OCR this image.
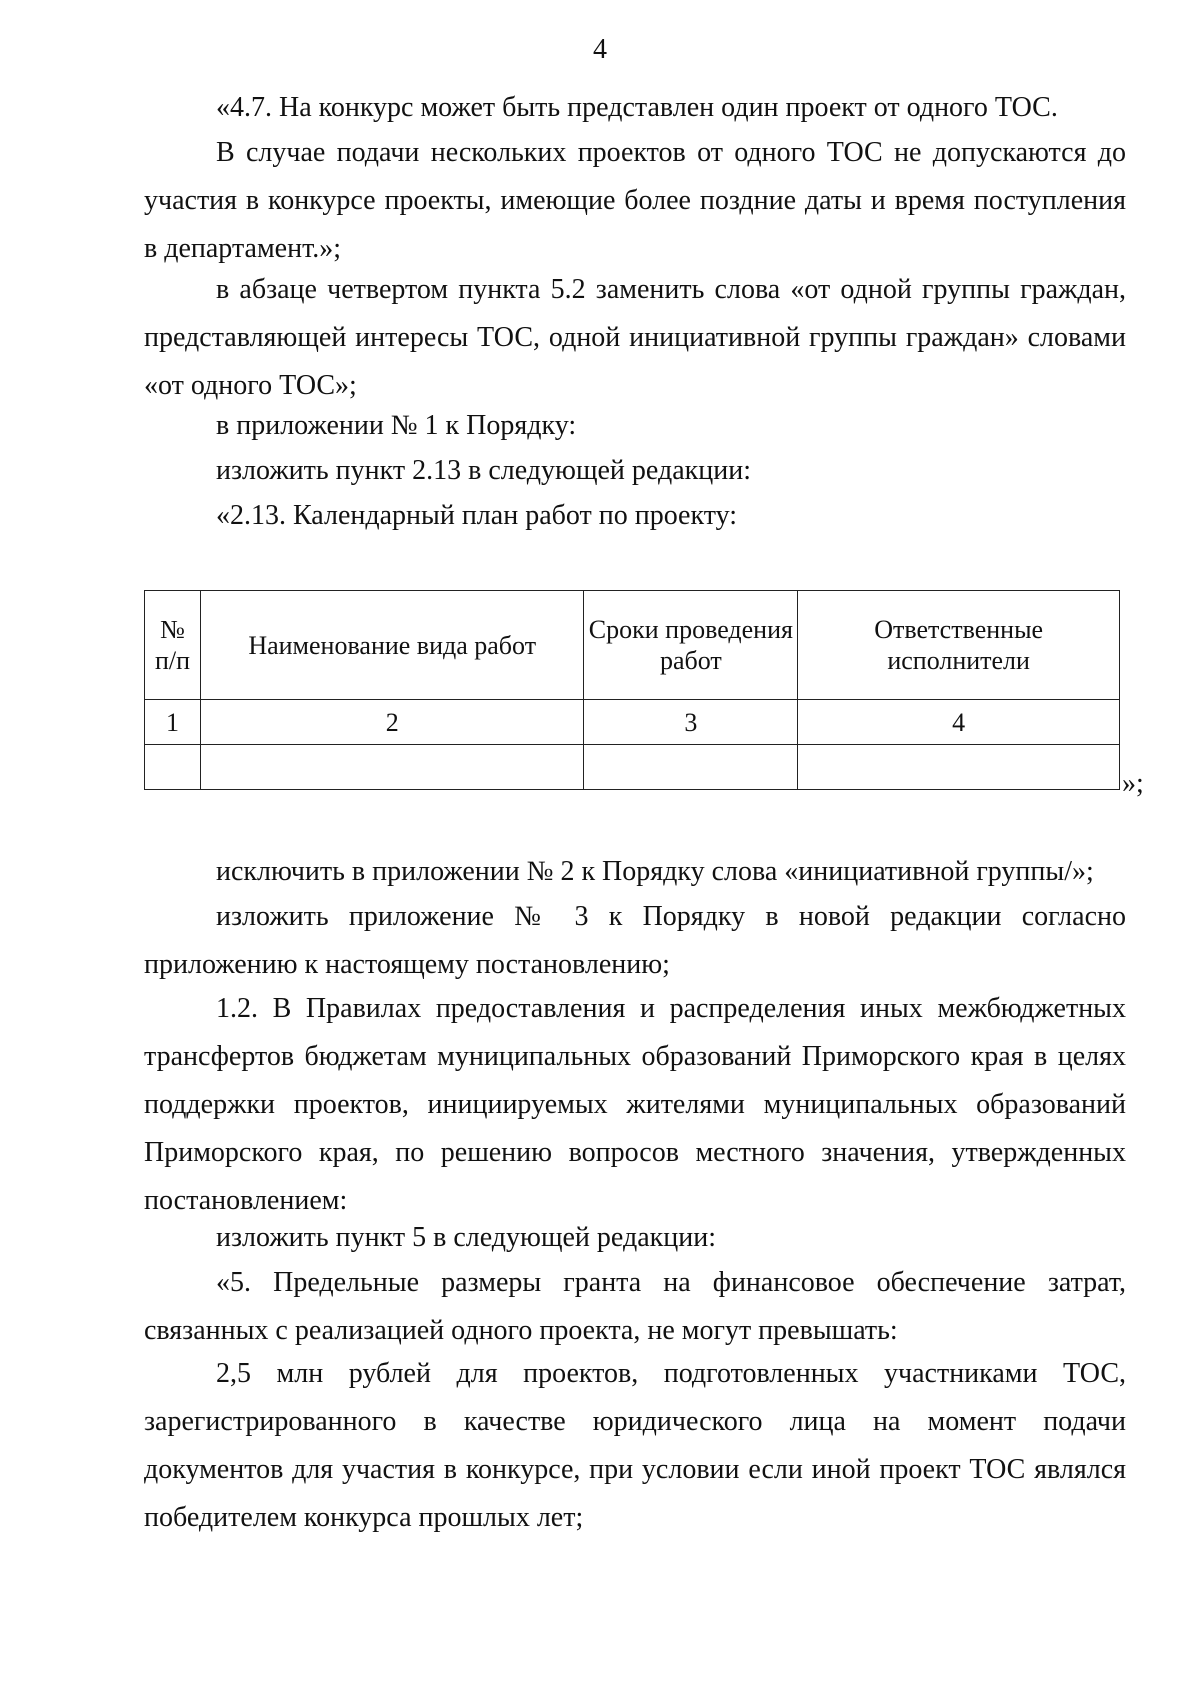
4

«4.7. На конкурс может быть представлен один проект от одного ТОС.

В случае подачи нескольких проектов от одного ТОС не допускаются до участия в конкурсе проекты, имеющие более поздние даты и время поступления в департамент.»;

в абзаце четвертом пункта 5.2 заменить слова «от одной группы граждан, представляющей интересы ТОС, одной инициативной группы граждан» словами «от одного ТОС»;

в приложении № 1 к Порядку:

изложить пункт 2.13 в следующей редакции:

«2.13. Календарный план работ по проекту:

№ п/п	Наименование вида работ	Сроки проведения работ	Ответственные исполнители
1	2	3	4

»;

исключить в приложении № 2 к Порядку слова «инициативной группы/»;

изложить приложение № 3 к Порядку в новой редакции согласно приложению к настоящему постановлению;

1.2. В Правилах предоставления и распределения иных межбюджетных трансфертов бюджетам муниципальных образований Приморского края в целях поддержки проектов, инициируемых жителями муниципальных образований Приморского края, по решению вопросов местного значения, утвержденных постановлением:

изложить пункт 5 в следующей редакции:

«5. Предельные размеры гранта на финансовое обеспечение затрат, связанных с реализацией одного проекта, не могут превышать:

2,5 млн рублей для проектов, подготовленных участниками ТОС, зарегистрированного в качестве юридического лица на момент подачи документов для участия в конкурсе, при условии если иной проект ТОС являлся победителем конкурса прошлых лет;
